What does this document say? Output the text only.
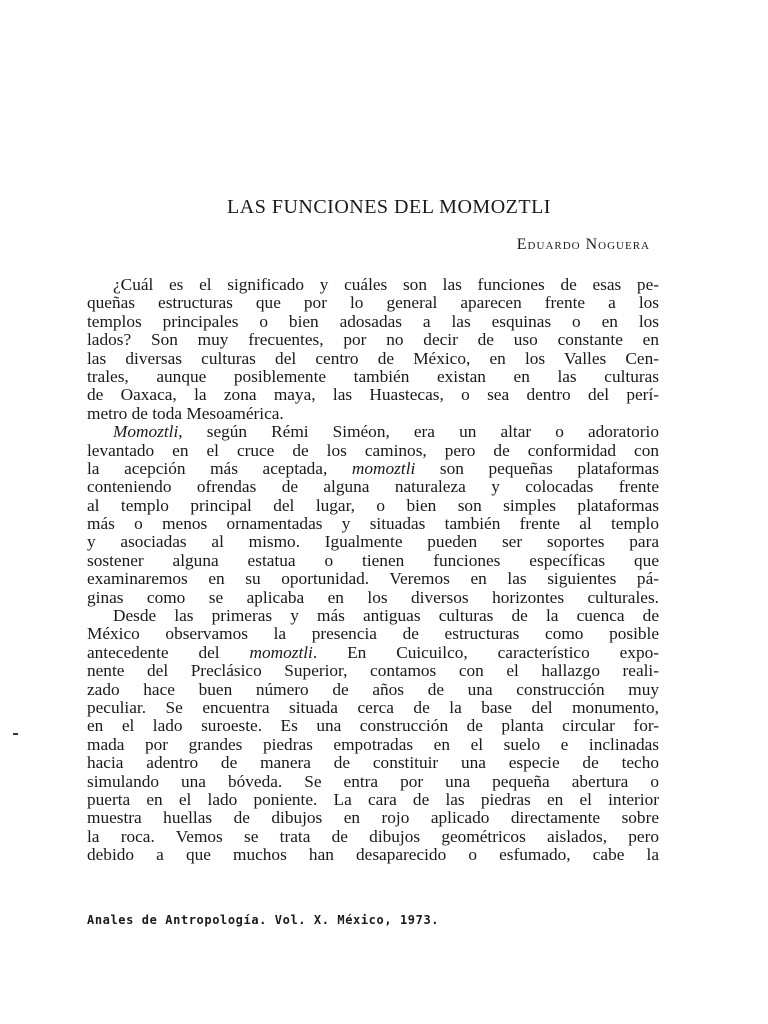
LAS FUNCIONES DEL MOMOZTLI
Eduardo Noguera
¿Cuál es el significado y cuáles son las funciones de esas pe-
queñas estructuras que por lo general aparecen frente a los
templos principales o bien adosadas a las esquinas o en los
lados? Son muy frecuentes, por no decir de uso constante en
las diversas culturas del centro de México, en los Valles Cen-
trales, aunque posiblemente también existan en las culturas
de Oaxaca, la zona maya, las Huastecas, o sea dentro del perí-
metro de toda Mesoamérica.
Momoztli, según Rémi Siméon, era un altar o adoratorio
levantado en el cruce de los caminos, pero de conformidad con
la acepción más aceptada, momoztli son pequeñas plataformas
conteniendo ofrendas de alguna naturaleza y colocadas frente
al templo principal del lugar, o bien son simples plataformas
más o menos ornamentadas y situadas también frente al templo
y asociadas al mismo. Igualmente pueden ser soportes para
sostener alguna estatua o tienen funciones específicas que
examinaremos en su oportunidad. Veremos en las siguientes pá-
ginas como se aplicaba en los diversos horizontes culturales.
Desde las primeras y más antiguas culturas de la cuenca de
México observamos la presencia de estructuras como posible
antecedente del momoztli. En Cuicuilco, característico expo-
nente del Preclásico Superior, contamos con el hallazgo reali-
zado hace buen número de años de una construcción muy
peculiar. Se encuentra situada cerca de la base del monumento,
en el lado suroeste. Es una construcción de planta circular for-
mada por grandes piedras empotradas en el suelo e inclinadas
hacia adentro de manera de constituir una especie de techo
simulando una bóveda. Se entra por una pequeña abertura o
puerta en el lado poniente. La cara de las piedras en el interior
muestra huellas de dibujos en rojo aplicado directamente sobre
la roca. Vemos se trata de dibujos geométricos aislados, pero
debido a que muchos han desaparecido o esfumado, cabe la
Anales de Antropología. Vol. X. México, 1973.
